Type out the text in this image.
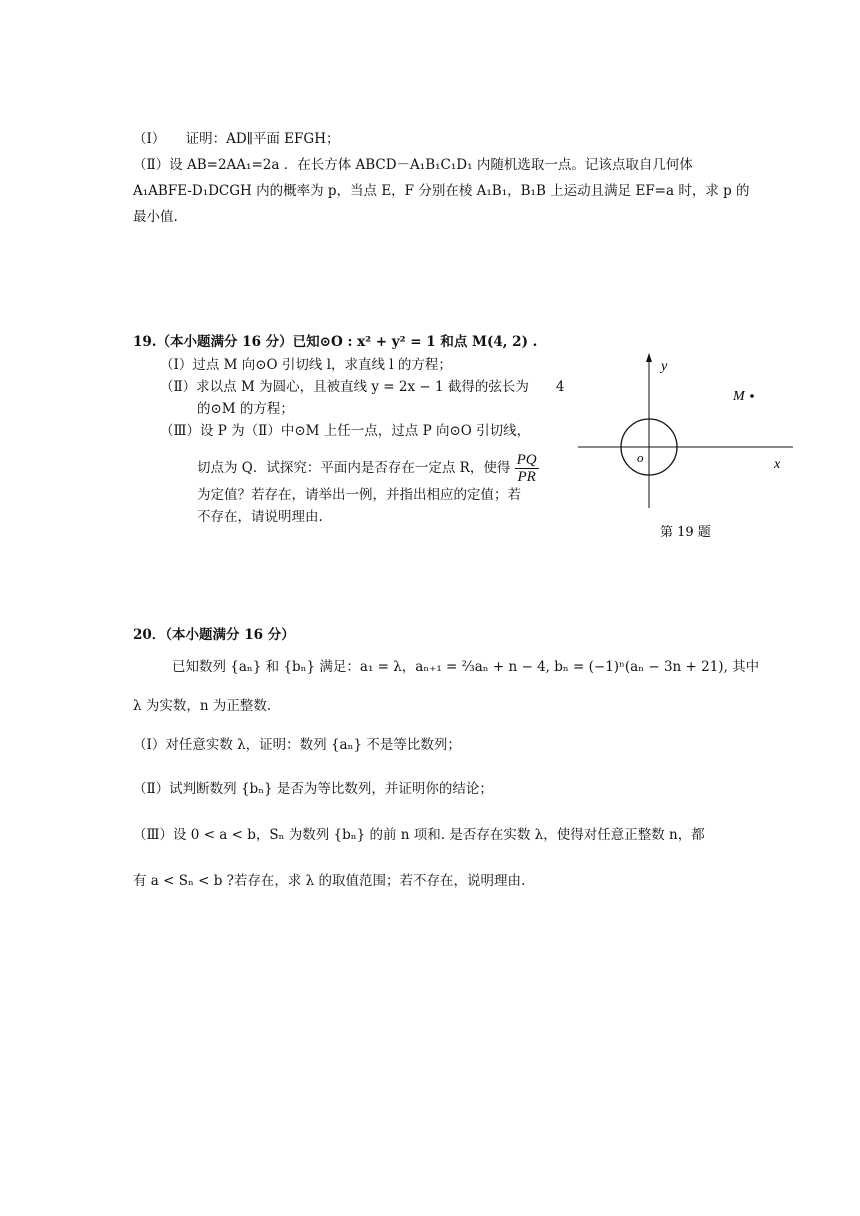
（I）　　证明：AD∥平面 EFGH；
（Ⅱ）设 AB=2AA₁=2a ．在长方体 ABCD－A₁B₁C₁D₁ 内随机选取一点。记该点取自几何体
A₁ABFE-D₁DCGH 内的概率为 p，当点 E，F 分别在棱 A₁B₁，B₁B 上运动且满足 EF=a 时，求 p 的
最小值.
19.（本小题满分 16 分）已知⊙O : x² + y² = 1 和点 M(4, 2) .
（Ⅰ）过点 M 向⊙O 引切线 l，求直线 l 的方程；
（Ⅱ）求以点 M 为圆心，且被直线 y = 2x − 1 截得的弦长为　　4
的⊙M 的方程；
（Ⅲ）设 P 为（Ⅱ）中⊙M 上任一点，过点 P 向⊙O 引切线，
切点为 Q．试探究：平面内是否存在一定点 R，使得 $\frac{PQ}{PR}$
为定值？若存在，请举出一例，并指出相应的定值；若
不存在，请说明理由.
y
x
o
M
第 19 题
20．（本小题满分 16 分）
已知数列 {aₙ} 和 {bₙ} 满足：a₁ = λ，aₙ₊₁ = ⅔aₙ + n − 4, bₙ = (−1)ⁿ(aₙ − 3n + 21), 其中
λ 为实数，n 为正整数.
（Ⅰ）对任意实数 λ，证明：数列 {aₙ} 不是等比数列；
（Ⅱ）试判断数列 {bₙ} 是否为等比数列，并证明你的结论；
（Ⅲ）设 0 < a < b，Sₙ 为数列 {bₙ} 的前 n 项和. 是否存在实数 λ，使得对任意正整数 n，都
有 a < Sₙ < b ?若存在，求 λ 的取值范围；若不存在，说明理由.
